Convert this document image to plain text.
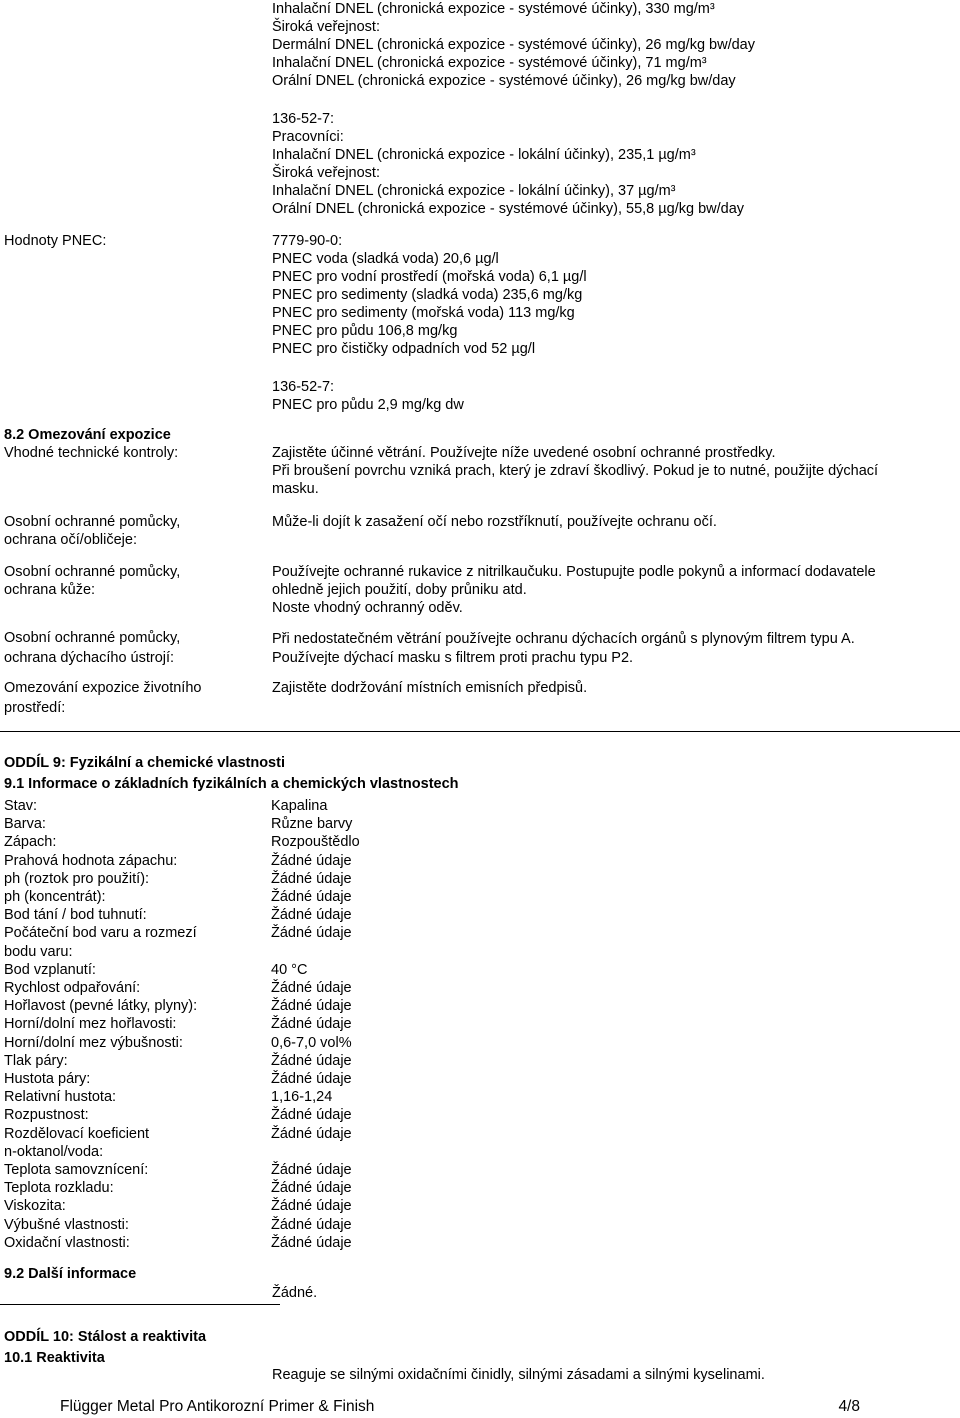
Inhalační DNEL (chronická expozice - systémové účinky), 330 mg/m³
Široká veřejnost:
Dermální DNEL (chronická expozice - systémové účinky), 26 mg/kg bw/day
Inhalační DNEL (chronická expozice - systémové účinky), 71 mg/m³
Orální DNEL (chronická expozice - systémové účinky), 26 mg/kg bw/day
136-52-7:
Pracovníci:
Inhalační DNEL (chronická expozice - lokální účinky), 235,1 µg/m³
Široká veřejnost:
Inhalační DNEL (chronická expozice - lokální účinky), 37 µg/m³
Orální DNEL (chronická expozice - systémové účinky), 55,8 µg/kg bw/day
Hodnoty PNEC:	7779-90-0:
PNEC voda (sladká voda) 20,6 µg/l
PNEC pro vodní prostředí (mořská voda) 6,1 µg/l
PNEC pro sedimenty (sladká voda) 235,6 mg/kg
PNEC pro sedimenty (mořská voda) 113 mg/kg
PNEC pro půdu 106,8 mg/kg
PNEC pro čističky odpadních vod 52 µg/l
136-52-7:
PNEC pro půdu 2,9 mg/kg dw
8.2 Omezování expozice
Vhodné technické kontroly:	Zajistěte účinné větrání. Používejte níže uvedené osobní ochranné prostředky.
Při broušení povrchu vzniká prach, který je zdraví škodlivý. Pokud je to nutné, použijte dýchací
masku.
Osobní ochranné pomůcky,
ochrana očí/obličeje:
Může-li dojít k zasažení očí nebo rozstříknutí, používejte ochranu očí.
Osobní ochranné pomůcky,
ochrana kůže:
Používejte ochranné rukavice z nitrilkaučuku. Postupujte podle pokynů a informací dodavatele
ohledně jejich použití, doby průniku atd.
Noste vhodný ochranný oděv.
Osobní ochranné pomůcky,
ochrana dýchacího ústrojí:
Při nedostatečném větrání používejte ochranu dýchacích orgánů s plynovým filtrem typu A.
Používejte dýchací masku s filtrem proti prachu typu P2.
Omezování expozice životního
prostředí:
Zajistěte dodržování místních emisních předpisů.
ODDÍL 9: Fyzikální a chemické vlastnosti
9.1 Informace o základních fyzikálních a chemických vlastnostech
Stav:	Kapalina
Barva:	Různe barvy
Zápach:	Rozpouštědlo
Prahová hodnota zápachu:	Žádné údaje
ph (roztok pro použití):	Žádné údaje
ph (koncentrát):	Žádné údaje
Bod tání / bod tuhnutí:	Žádné údaje
Počáteční bod varu a rozmezí	Žádné údaje
bodu varu:
Bod vzplanutí:	40 °C
Rychlost odpařování:	Žádné údaje
Hořlavost (pevné látky, plyny):	Žádné údaje
Horní/dolní mez hořlavosti:	Žádné údaje
Horní/dolní mez výbušnosti:	0,6-7,0 vol%
Tlak páry:	Žádné údaje
Hustota páry:	Žádné údaje
Relativní hustota:	1,16-1,24
Rozpustnost:	Žádné údaje
Rozdělovací koeficient	Žádné údaje
n-oktanol/voda:
Teplota samovznícení:	Žádné údaje
Teplota rozkladu:	Žádné údaje
Viskozita:	Žádné údaje
Výbušné vlastnosti:	Žádné údaje
Oxidační vlastnosti:	Žádné údaje
9.2 Další informace
Žádné.
ODDÍL 10: Stálost a reaktivita
10.1 Reaktivita
Reaguje se silnými oxidačními činidly, silnými zásadami a silnými kyselinami.
Flügger Metal Pro Antikorozní Primer & Finish	4/8
